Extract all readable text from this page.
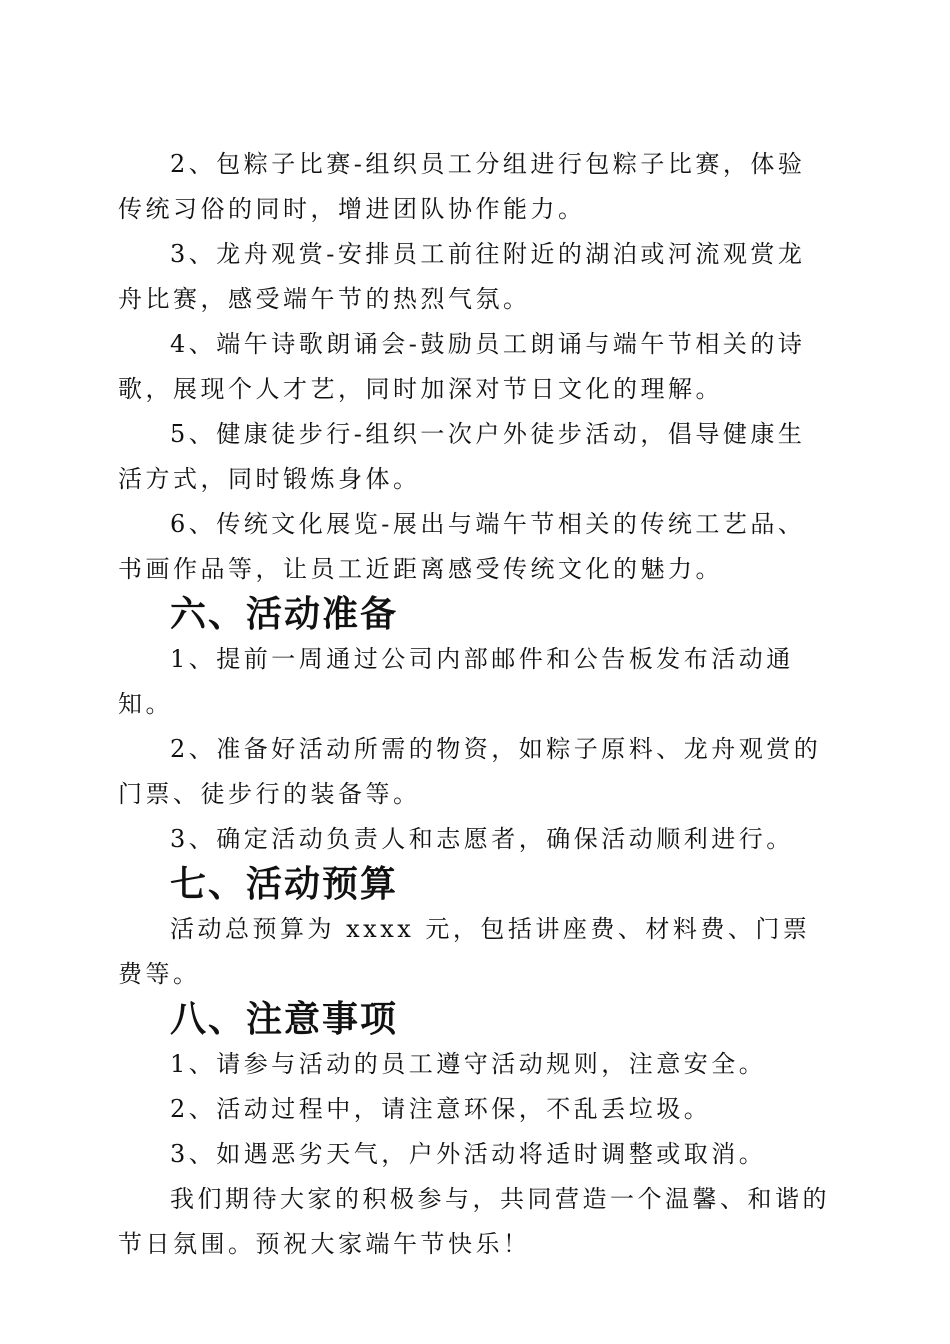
2、包粽子比赛-组织员工分组进行包粽子比赛，体验传统习俗的同时，增进团队协作能力。

3、龙舟观赏-安排员工前往附近的湖泊或河流观赏龙舟比赛，感受端午节的热烈气氛。

4、端午诗歌朗诵会-鼓励员工朗诵与端午节相关的诗歌，展现个人才艺，同时加深对节日文化的理解。

5、健康徒步行-组织一次户外徒步活动，倡导健康生活方式，同时锻炼身体。

6、传统文化展览-展出与端午节相关的传统工艺品、书画作品等，让员工近距离感受传统文化的魅力。

六、活动准备

1、提前一周通过公司内部邮件和公告板发布活动通知。

2、准备好活动所需的物资，如粽子原料、龙舟观赏的门票、徒步行的装备等。

3、确定活动负责人和志愿者，确保活动顺利进行。

七、活动预算

活动总预算为 xxxx 元，包括讲座费、材料费、门票费等。

八、注意事项

1、请参与活动的员工遵守活动规则，注意安全。

2、活动过程中，请注意环保，不乱丢垃圾。

3、如遇恶劣天气，户外活动将适时调整或取消。

我们期待大家的积极参与，共同营造一个温馨、和谐的节日氛围。预祝大家端午节快乐！
